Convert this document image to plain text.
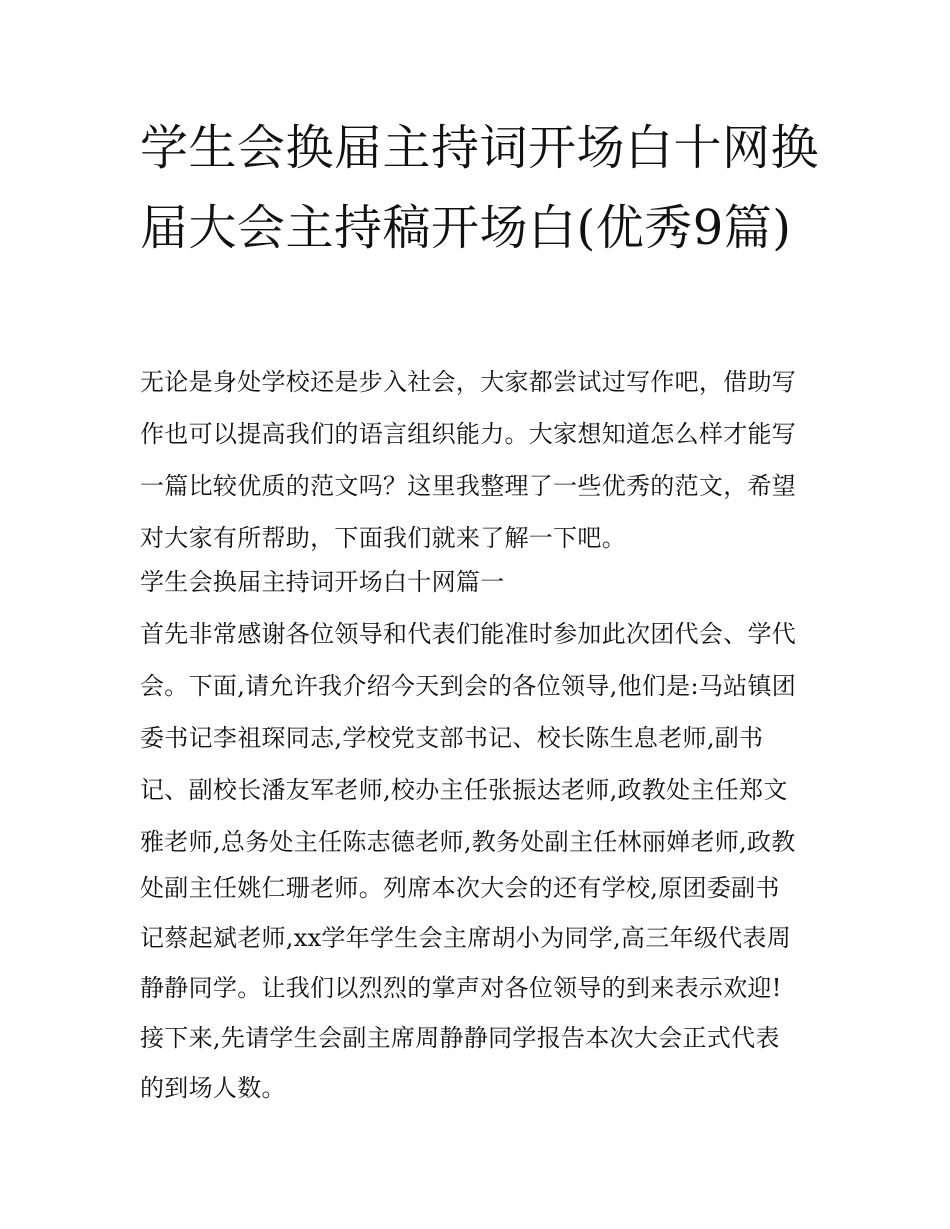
学生会换届主持词开场白十网换届大会主持稿开场白(优秀9篇)
无论是身处学校还是步入社会，大家都尝试过写作吧，借助写
作也可以提高我们的语言组织能力。大家想知道怎么样才能写
一篇比较优质的范文吗？这里我整理了一些优秀的范文，希望
对大家有所帮助，下面我们就来了解一下吧。
学生会换届主持词开场白十网篇一
首先非常感谢各位领导和代表们能准时参加此次团代会、学代
会。下面,请允许我介绍今天到会的各位领导,他们是:马站镇团
委书记李祖琛同志,学校党支部书记、校长陈生息老师,副书
记、副校长潘友军老师,校办主任张振达老师,政教处主任郑文
雅老师,总务处主任陈志德老师,教务处副主任林丽婵老师,政教
处副主任姚仁珊老师。列席本次大会的还有学校,原团委副书
记蔡起斌老师,xx学年学生会主席胡小为同学,高三年级代表周
静静同学。让我们以烈烈的掌声对各位领导的到来表示欢迎!
接下来,先请学生会副主席周静静同学报告本次大会正式代表
的到场人数。
